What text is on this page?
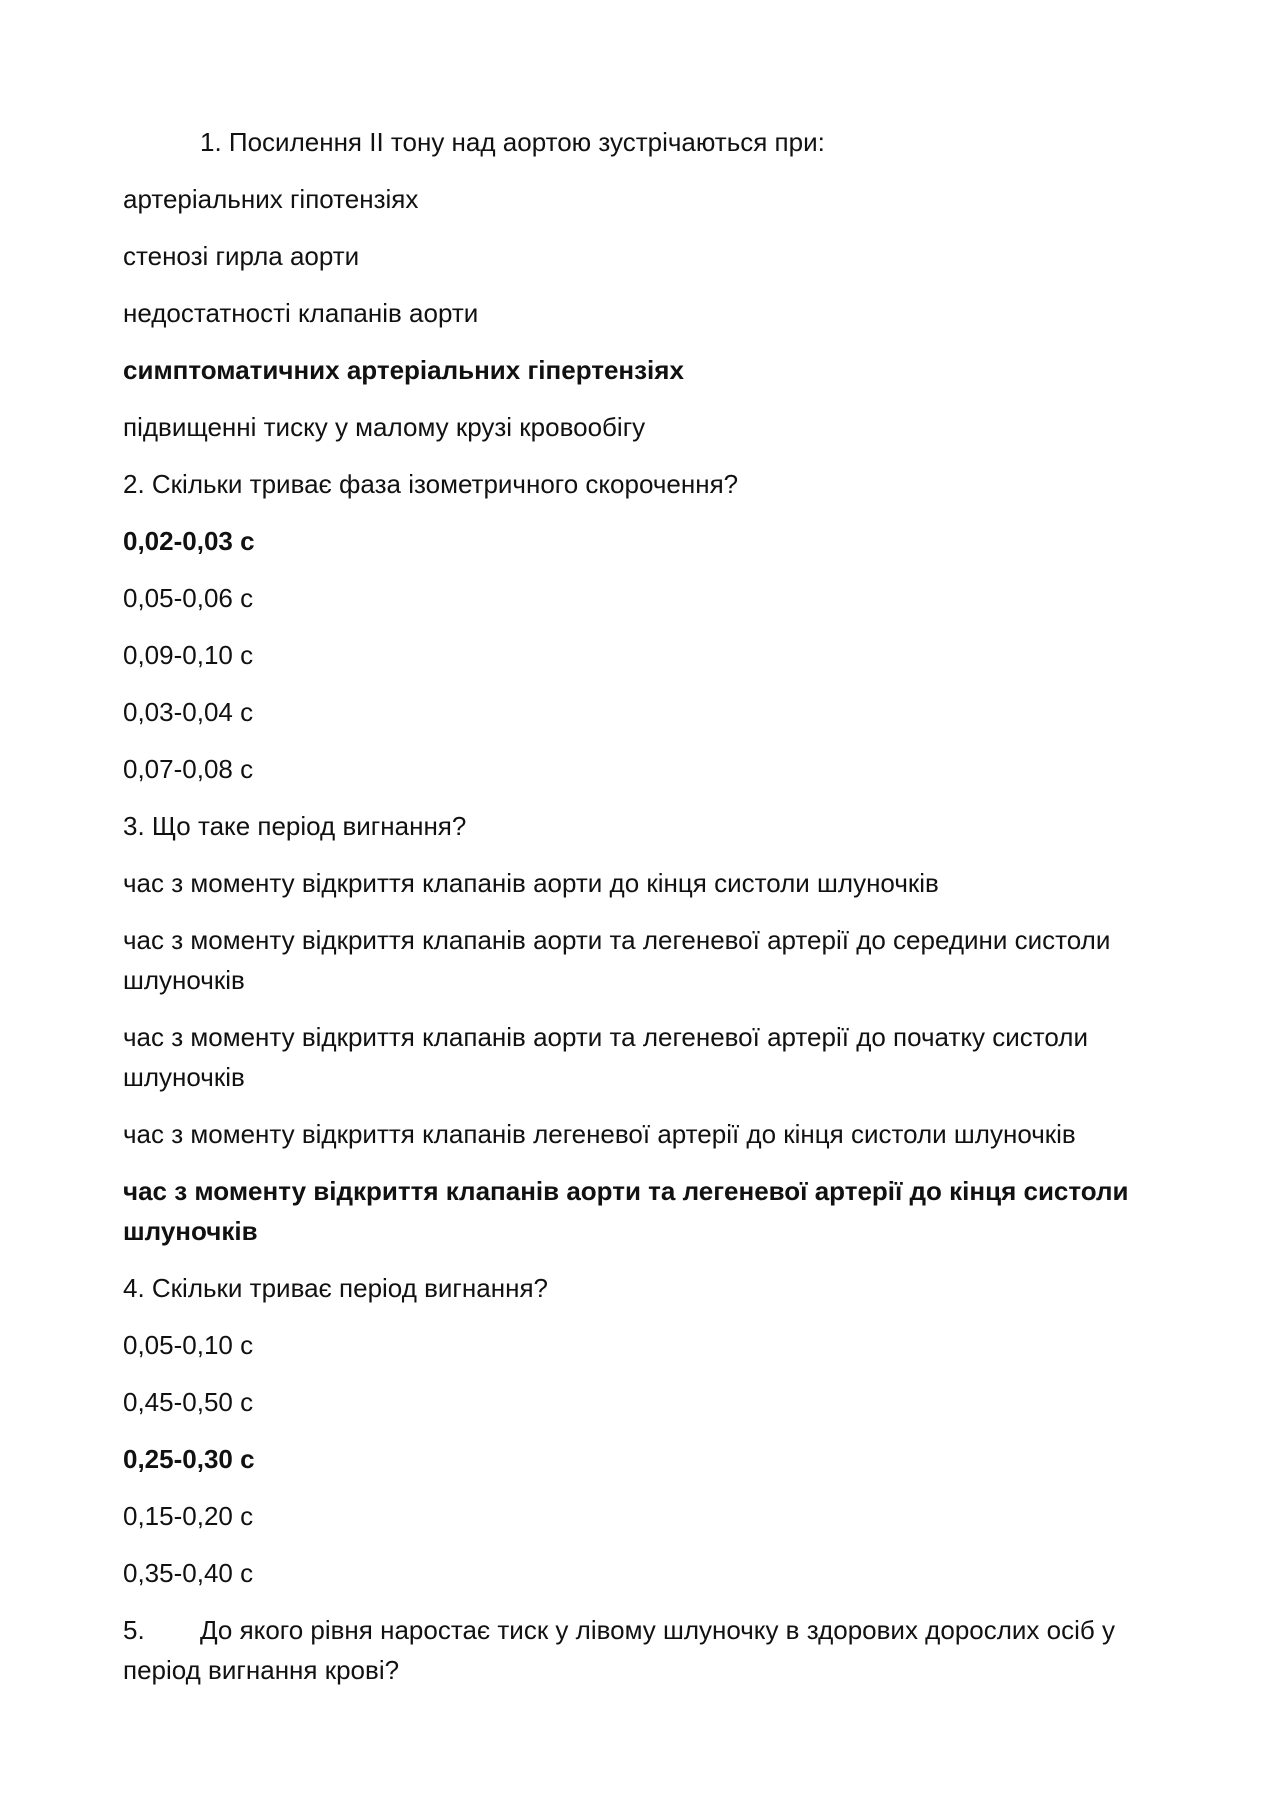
1. Посилення ІІ тону над аортою зустрічаються при:

артеріальних гіпотензіях

стенозі гирла аорти

недостатності клапанів аорти

симптоматичних артеріальних гіпертензіях

підвищенні тиску у малому крузі кровообігу

2. Скільки триває фаза ізометричного скорочення?

0,02-0,03 с

0,05-0,06 с

0,09-0,10 с

0,03-0,04 с

0,07-0,08 с

3. Що таке період вигнання?

час з моменту відкриття клапанів аорти до кінця систоли шлуночків

час з моменту відкриття клапанів аорти та легеневої артерії до середини систоли шлуночків

час з моменту відкриття клапанів аорти та легеневої артерії до початку систоли шлуночків

час з моменту відкриття клапанів легеневої артерії до кінця систоли шлуночків

час з моменту відкриття клапанів аорти та легеневої артерії до кінця систоли шлуночків

4. Скільки триває період вигнання?

0,05-0,10 с

0,45-0,50 с

0,25-0,30 с

0,15-0,20 с

0,35-0,40 с

5. До якого рівня наростає тиск у лівому шлуночку в здорових дорослих осіб у період вигнання крові?
